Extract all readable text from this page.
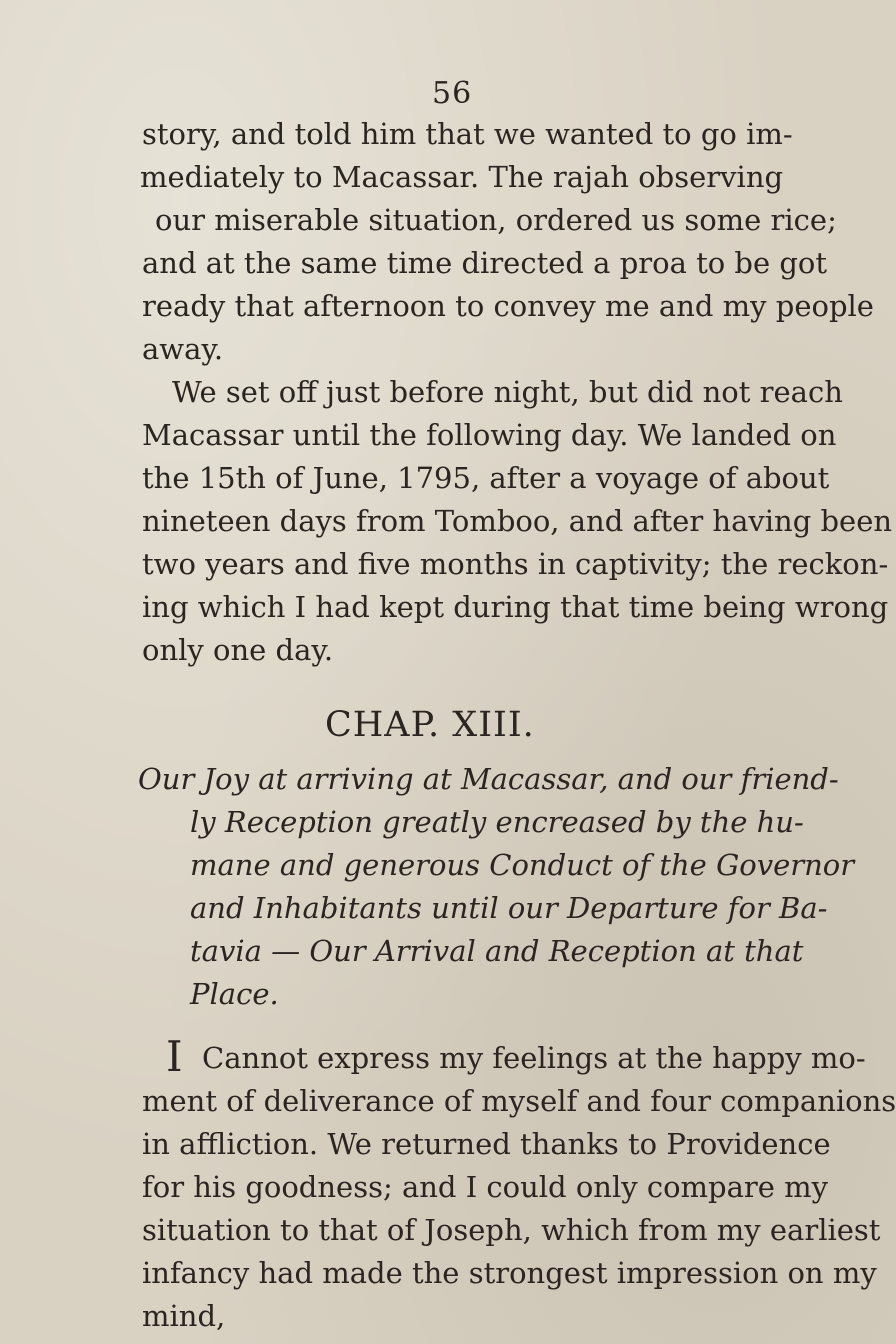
56
story, and told him that we wanted to go im-
mediately to Macassar. The rajah observing
our miserable situation, ordered us some rice;
and at the same time directed a proa to be got
ready that afternoon to convey me and my people
away.
We set off just before night, but did not reach
Macassar until the following day. We landed on
the 15th of June, 1795, after a voyage of about
nineteen days from Tomboo, and after having been
two years and five months in captivity; the reckon-
ing which I had kept during that time being wrong
only one day.
CHAP. XIII.
Our Joy at arriving at Macassar, and our friend-
ly Reception greatly encreased by the hu-
mane and generous Conduct of the Governor
and Inhabitants until our Departure for Ba-
tavia — Our Arrival and Reception at that
Place.
I Cannot express my feelings at the happy mo-
ment of deliverance of myself and four companions
in affliction. We returned thanks to Providence
for his goodness; and I could only compare my
situation to that of Joseph, which from my earliest
infancy had made the strongest impression on my
mind,
